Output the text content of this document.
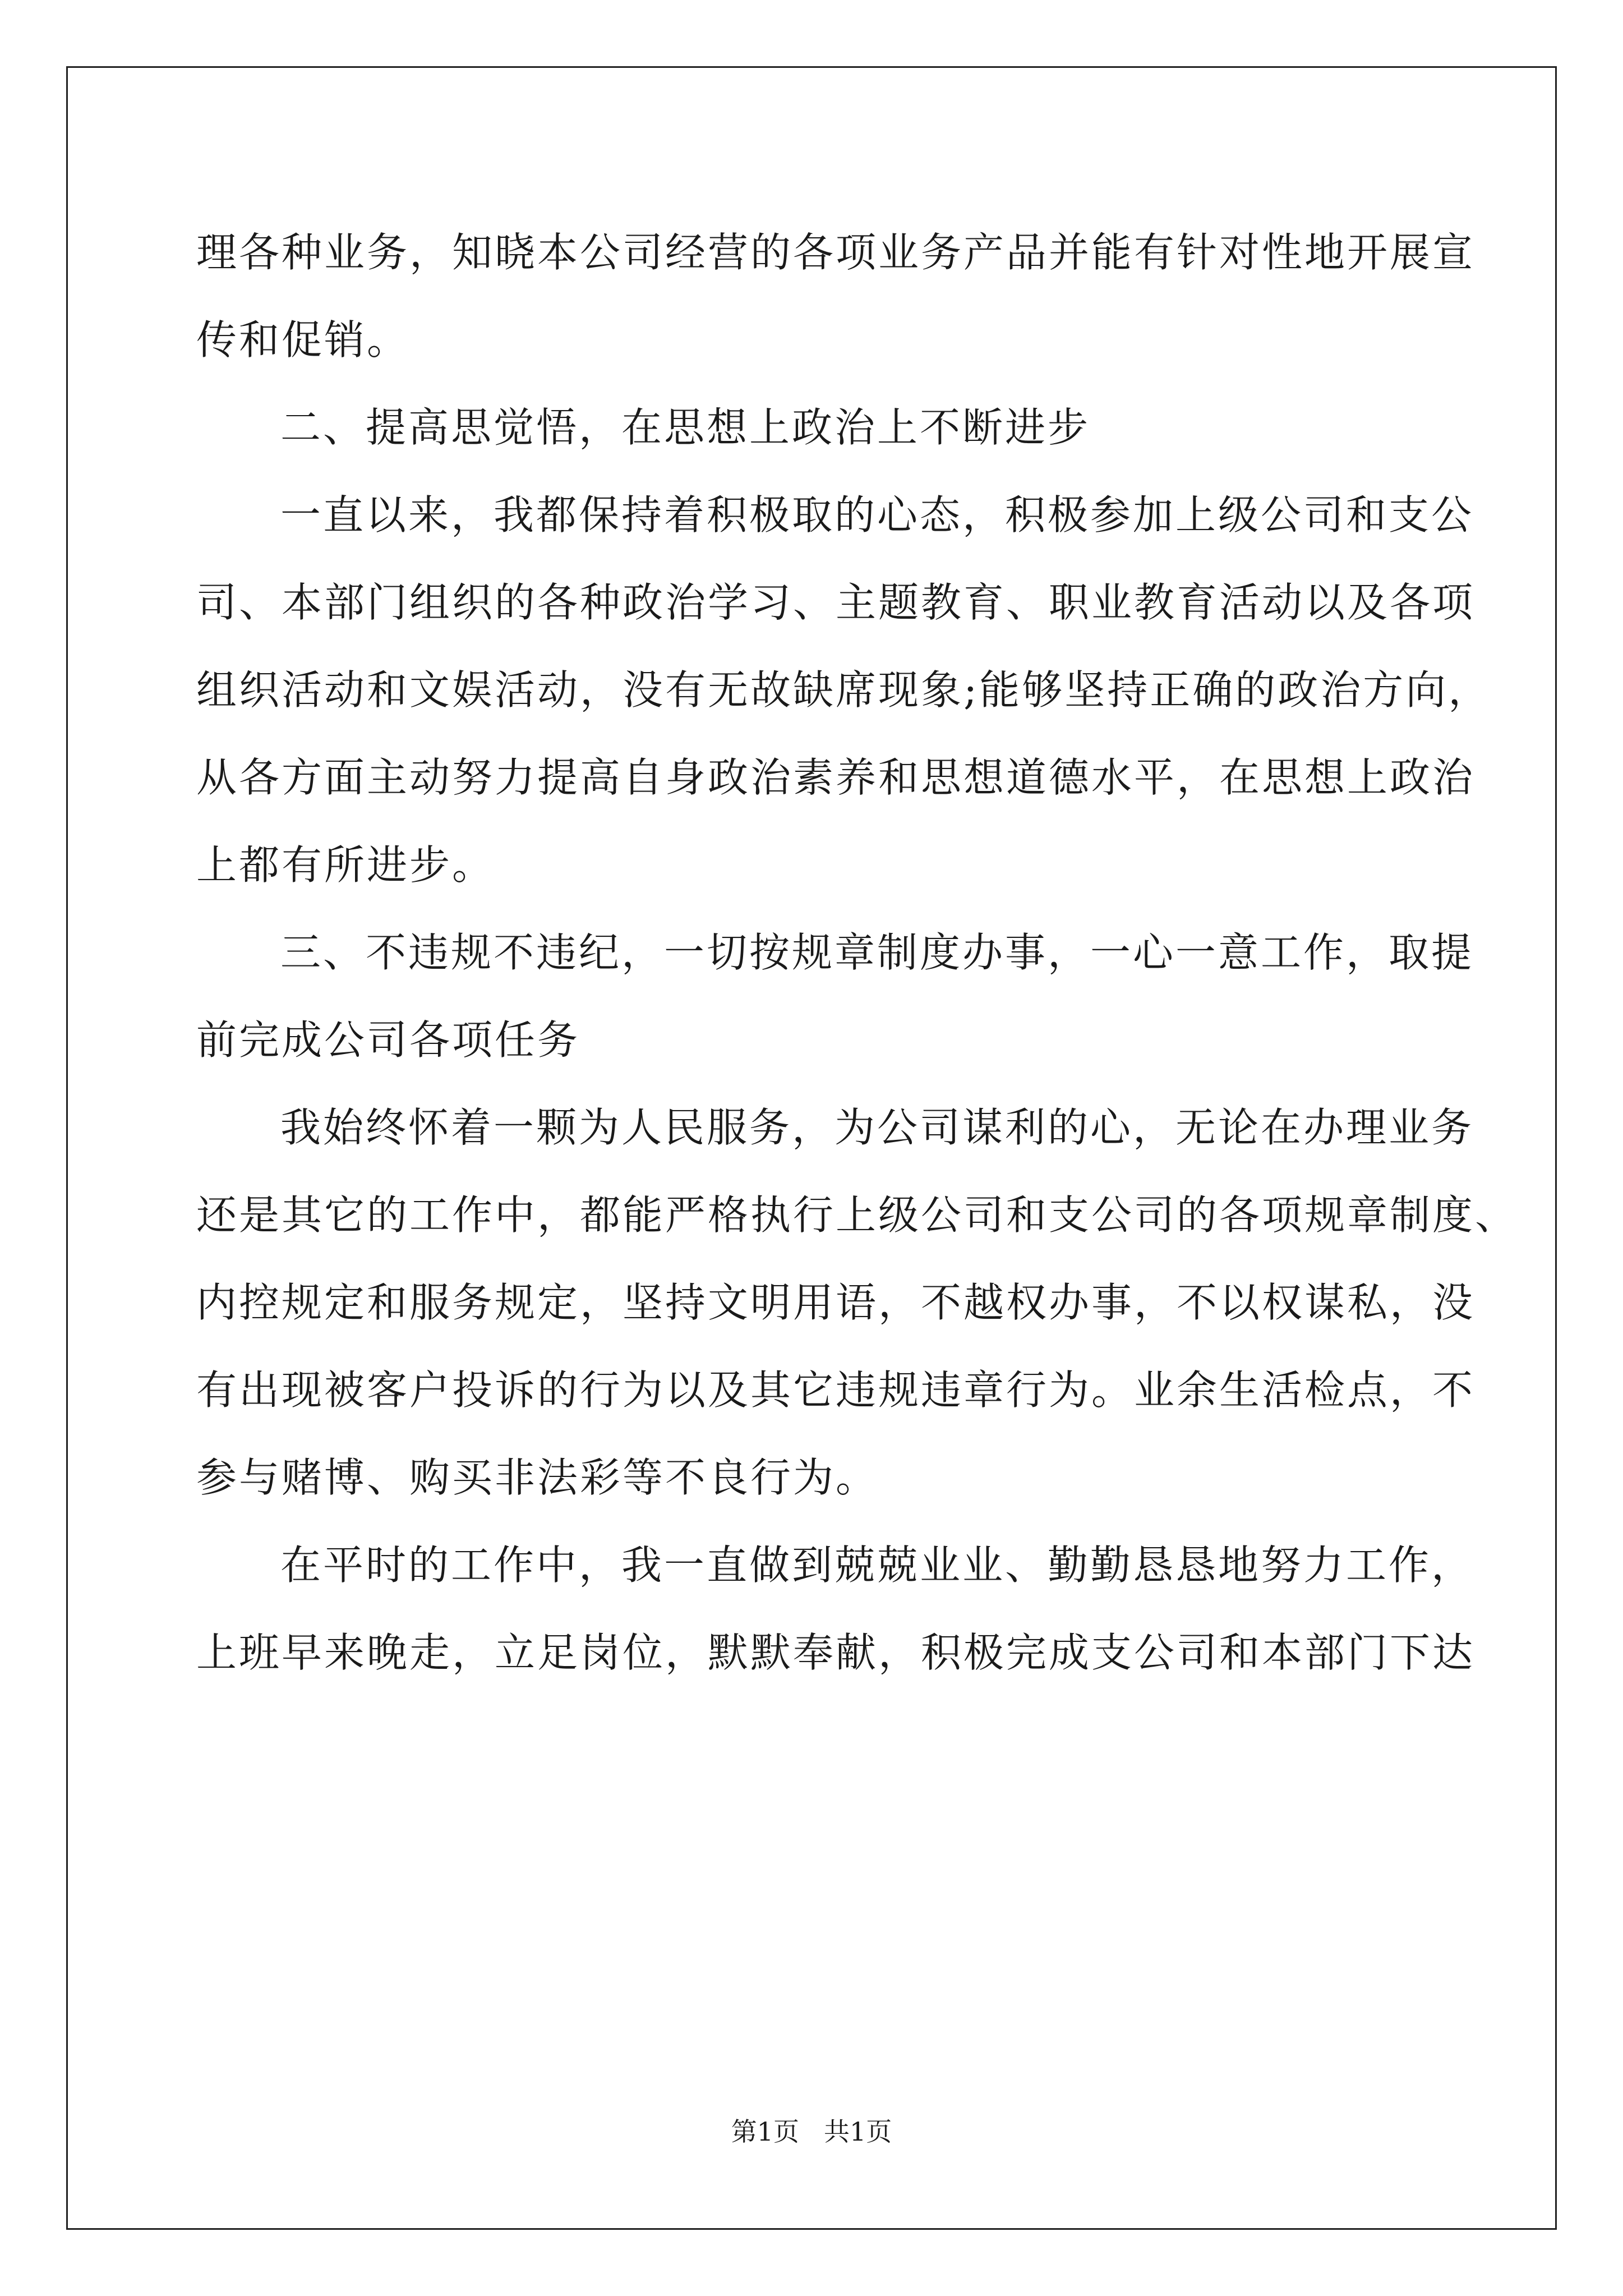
理各种业务，知晓本公司经营的各项业务产品并能有针对性地开展宣
传和促销。
二、提高思觉悟，在思想上政治上不断进步
一直以来，我都保持着积极取的心态，积极参加上级公司和支公
司、本部门组织的各种政治学习、主题教育、职业教育活动以及各项
组织活动和文娱活动，没有无故缺席现象;能够坚持正确的政治方向，
从各方面主动努力提高自身政治素养和思想道德水平，在思想上政治
上都有所进步。
三、不违规不违纪，一切按规章制度办事，一心一意工作，取提
前完成公司各项任务
我始终怀着一颗为人民服务，为公司谋利的心，无论在办理业务
还是其它的工作中，都能严格执行上级公司和支公司的各项规章制度、
内控规定和服务规定，坚持文明用语，不越权办事，不以权谋私，没
有出现被客户投诉的行为以及其它违规违章行为。业余生活检点，不
参与赌博、购买非法彩等不良行为。
在平时的工作中，我一直做到兢兢业业、勤勤恳恳地努力工作，
上班早来晚走，立足岗位，默默奉献，积极完成支公司和本部门下达
第1页 共1页
